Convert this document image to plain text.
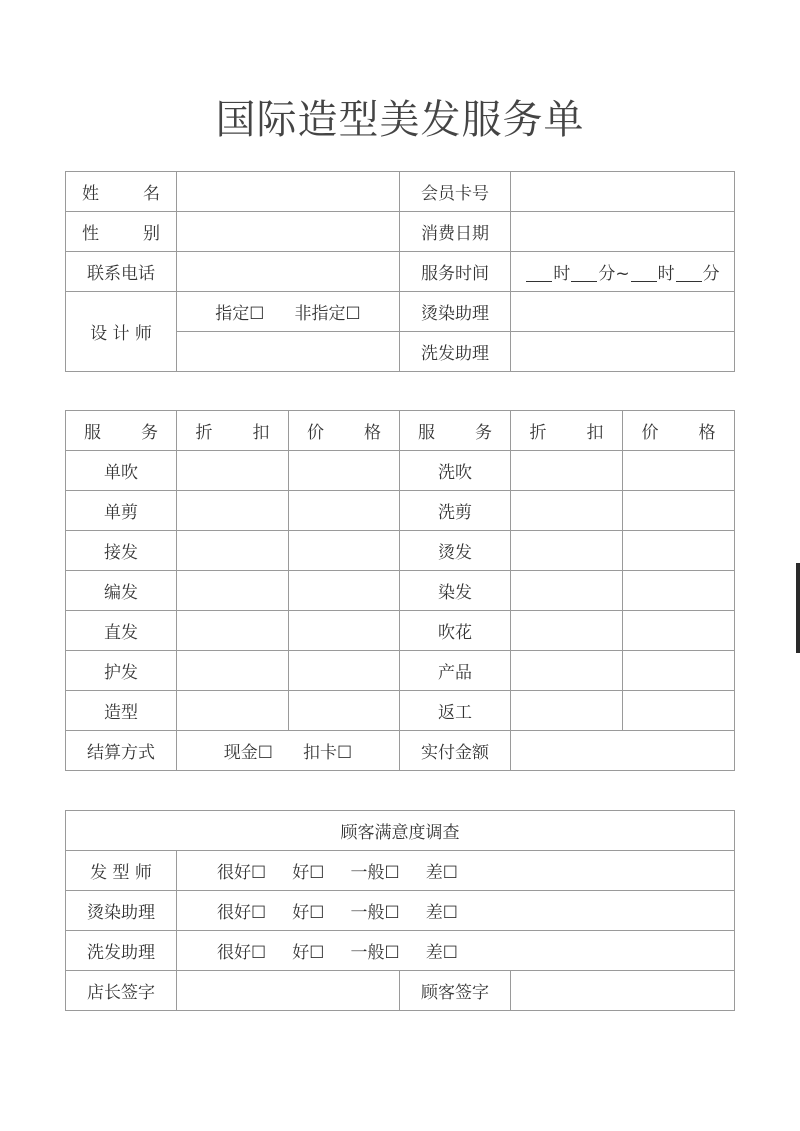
国际造型美发服务单
姓　　名		会员卡号	
性　　别		消费日期	
联系电话		服务时间	时 分~ 时 分
设 计 师	指定☐ 非指定☐	烫染助理	
		洗发助理	
服　　务	折　　扣	价　　格	服　　务	折　　扣	价　　格
单吹			洗吹		
单剪			洗剪		
接发			烫发		
编发			染发		
直发			吹花		
护发			产品		
造型			返工		
结算方式	现金☐ 扣卡☐		实付金额		
顾客满意度调查			
发 型 师	很好☐ 好☐ 一般☐ 差☐		
烫染助理	很好☐ 好☐ 一般☐ 差☐		
洗发助理	很好☐ 好☐ 一般☐ 差☐		
店长签字		顾客签字	
